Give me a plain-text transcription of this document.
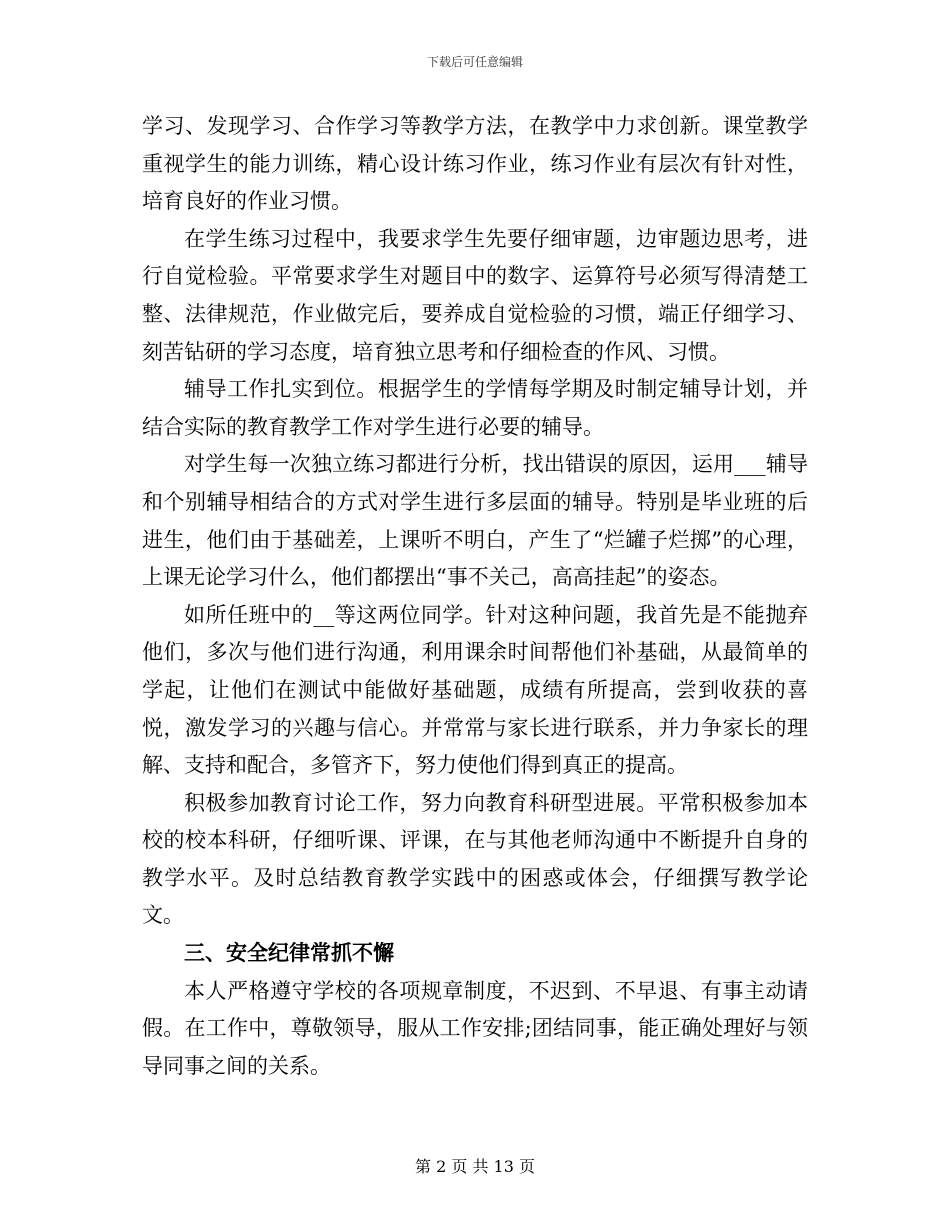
下载后可任意编辑

学习、发现学习、合作学习等教学方法，在教学中力求创新。课堂教学重视学生的能力训练，精心设计练习作业，练习作业有层次有针对性，培育良好的作业习惯。

在学生练习过程中，我要求学生先要仔细审题，边审题边思考，进行自觉检验。平常要求学生对题目中的数字、运算符号必须写得清楚工整、法律规范，作业做完后，要养成自觉检验的习惯，端正仔细学习、刻苦钻研的学习态度，培育独立思考和仔细检查的作风、习惯。

辅导工作扎实到位。根据学生的学情每学期及时制定辅导计划，并结合实际的教育教学工作对学生进行必要的辅导。

对学生每一次独立练习都进行分析，找出错误的原因，运用___辅导和个别辅导相结合的方式对学生进行多层面的辅导。特别是毕业班的后进生，他们由于基础差，上课听不明白，产生了“烂罐子烂掷”的心理，上课无论学习什么，他们都摆出“事不关己，高高挂起”的姿态。

如所任班中的__等这两位同学。针对这种问题，我首先是不能抛弃他们，多次与他们进行沟通，利用课余时间帮他们补基础，从最简单的学起，让他们在测试中能做好基础题，成绩有所提高，尝到收获的喜悦，激发学习的兴趣与信心。并常常与家长进行联系，并力争家长的理解、支持和配合，多管齐下，努力使他们得到真正的提高。

积极参加教育讨论工作，努力向教育科研型进展。平常积极参加本校的校本科研，仔细听课、评课，在与其他老师沟通中不断提升自身的教学水平。及时总结教育教学实践中的困惑或体会，仔细撰写教学论文。

三、安全纪律常抓不懈

本人严格遵守学校的各项规章制度，不迟到、不早退、有事主动请假。在工作中，尊敬领导，服从工作安排;团结同事，能正确处理好与领导同事之间的关系。

第 2 页 共 13 页
